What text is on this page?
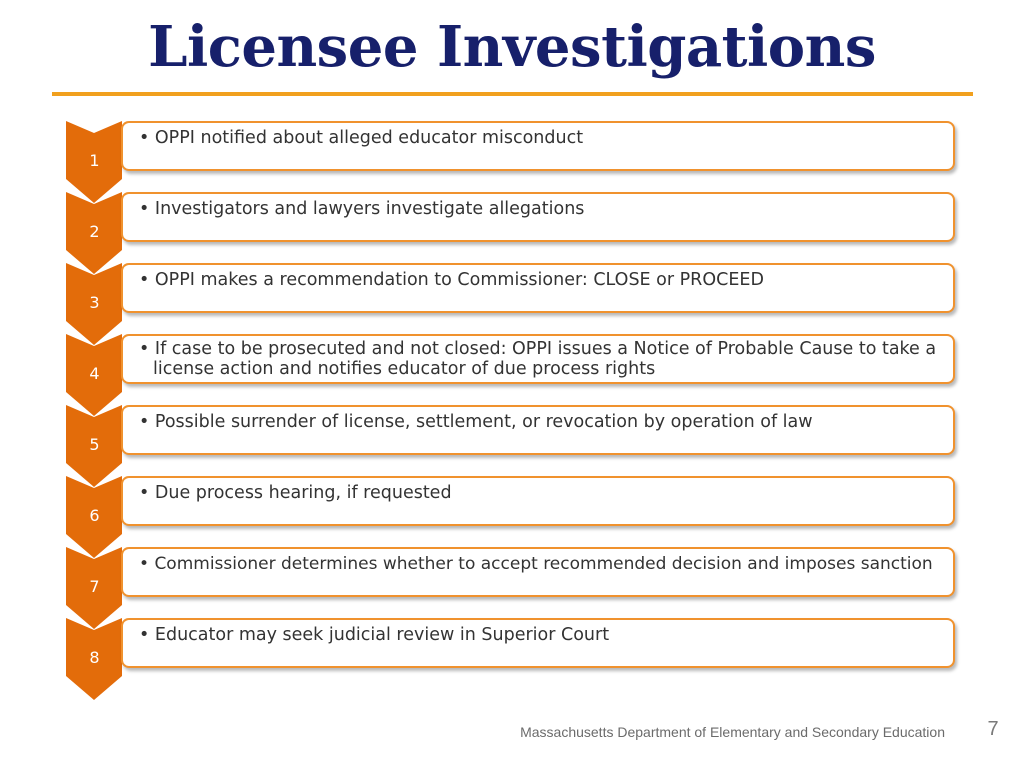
Licensee Investigations
1
• OPPI notified about alleged educator misconduct
2
• Investigators and lawyers investigate allegations
3
• OPPI makes a recommendation to Commissioner: CLOSE or PROCEED
4
• If case to be prosecuted and not closed: OPPI issues a Notice of Probable Cause to take a license action and notifies educator of due process rights
5
• Possible surrender of license, settlement, or revocation by operation of law
6
• Due process hearing, if requested
7
• Commissioner determines whether to accept recommended decision and imposes sanction
8
• Educator may seek judicial review in Superior Court
Massachusetts Department of Elementary and Secondary Education	7
